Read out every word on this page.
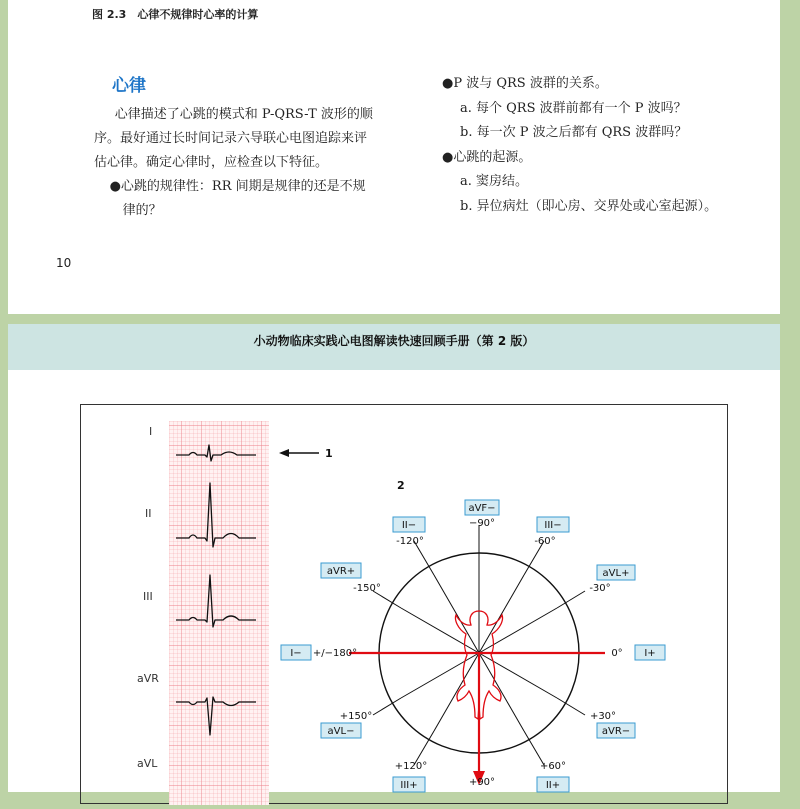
图 2.3　心律不规律时心率的计算
心律

心律描述了心跳的模式和 P-QRS-T 波形的顺

序。最好通过长时间记录六导联心电图追踪来评

估心律。确定心律时，应检查以下特征。

●心跳的规律性：RR 间期是规律的还是不规

律的？

●P 波与 QRS 波群的关系。

a. 每个 QRS 波群前都有一个 P 波吗？

b. 每一次 P 波之后都有 QRS 波群吗？

●心跳的起源。

a. 窦房结。

b. 异位病灶（即心房、交界处或心室起源）。

10
小动物临床实践心电图解读快速回顾手册（第 2 版）
I
II
III
aVR
aVL
1
2
aVF−
II−	III−
aVR+	aVL+
I−	I+
aVL−	aVR−
III+	II+
−90°
-120°	-60°
-150°	-30°
+/−180°	0°
+150°	+30°
+120°	+60°
+90°
